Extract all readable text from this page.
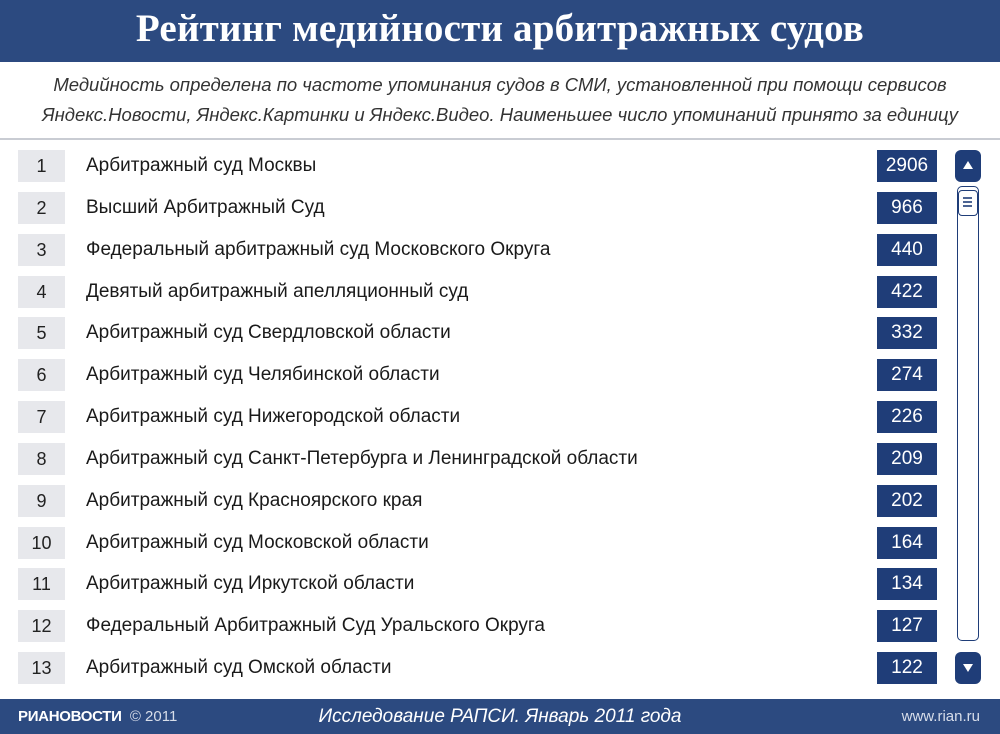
Рейтинг медийности арбитражных судов
Медийность определена по частоте упоминания судов в СМИ, установленной при помощи сервисов
Яндекс.Новости, Яндекс.Картинки и Яндекс.Видео. Наименьшее число упоминаний принято за единицу
1	Арбитражный суд Москвы	2906
2	Высший Арбитражный Суд	966
3	Федеральный арбитражный суд Московского Округа	440
4	Девятый арбитражный апелляционный суд	422
5	Арбитражный суд Свердловской области	332
6	Арбитражный суд Челябинской области	274
7	Арбитражный суд Нижегородской области	226
8	Арбитражный суд Санкт-Петербурга и Ленинградской области	209
9	Арбитражный суд Красноярского края	202
10	Арбитражный суд Московской области	164
11	Арбитражный суд Иркутской области	134
12	Федеральный Арбитражный Суд Уральского Округа	127
13	Арбитражный суд Омской области	122
РИАНОВОСТИ © 2011	Исследование РАПСИ. Январь 2011 года	www.rian.ru
